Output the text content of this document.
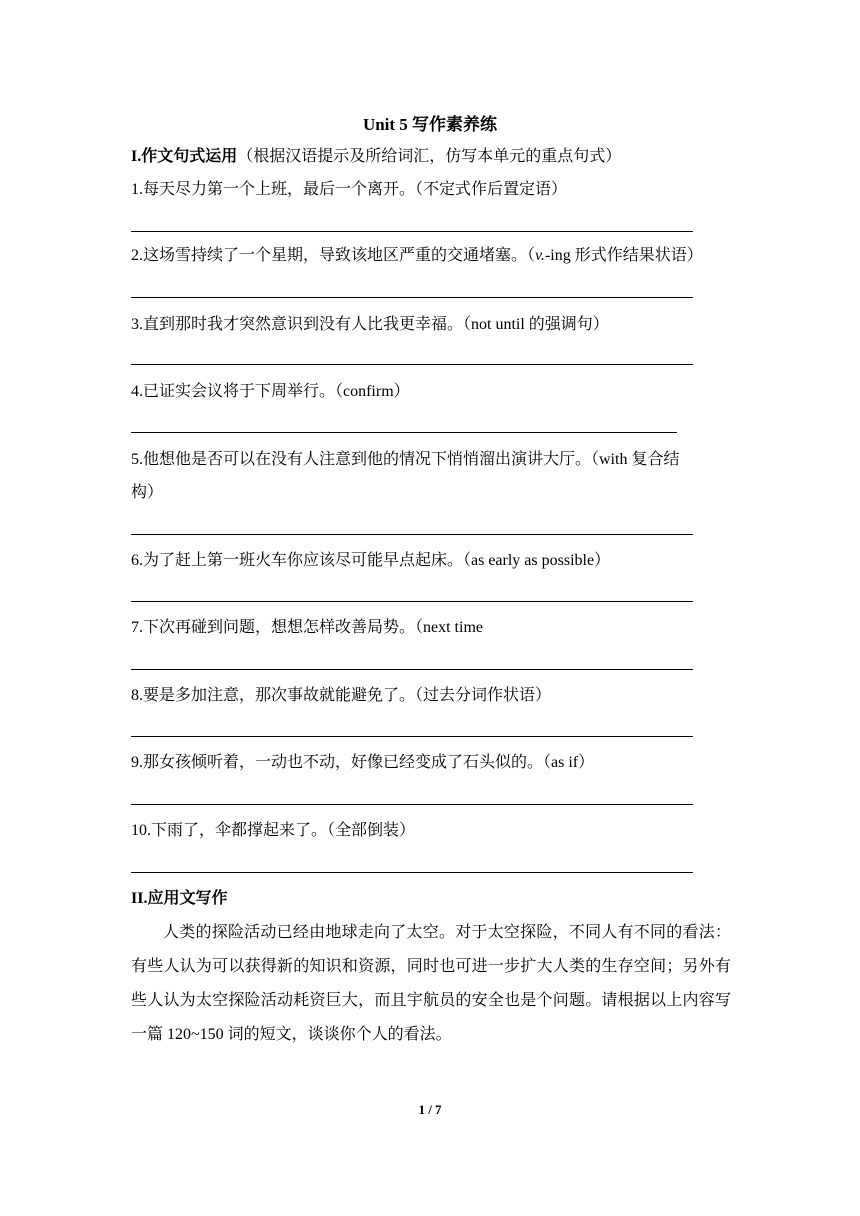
Unit 5 写作素养练
I.作文句式运用（根据汉语提示及所给词汇，仿写本单元的重点句式）
1.每天尽力第一个上班，最后一个离开。（不定式作后置定语）
2.这场雪持续了一个星期，导致该地区严重的交通堵塞。（v.-ing 形式作结果状语）
3.直到那时我才突然意识到没有人比我更幸福。（not until 的强调句）
4.已证实会议将于下周举行。（confirm）
5.他想他是否可以在没有人注意到他的情况下悄悄溜出演讲大厅。（with 复合结
构）
6.为了赶上第一班火车你应该尽可能早点起床。（as early as possible）
7.下次再碰到问题，想想怎样改善局势。（next time
8.要是多加注意，那次事故就能避免了。（过去分词作状语）
9.那女孩倾听着，一动也不动，好像已经变成了石头似的。（as if）
10.下雨了，伞都撑起来了。（全部倒装）
II.应用文写作
人类的探险活动已经由地球走向了太空。对于太空探险，不同人有不同的看法：有些人认为可以获得新的知识和资源，同时也可进一步扩大人类的生存空间；另外有些人认为太空探险活动耗资巨大，而且宇航员的安全也是个问题。请根据以上内容写一篇 120~150 词的短文，谈谈你个人的看法。
1 / 7
